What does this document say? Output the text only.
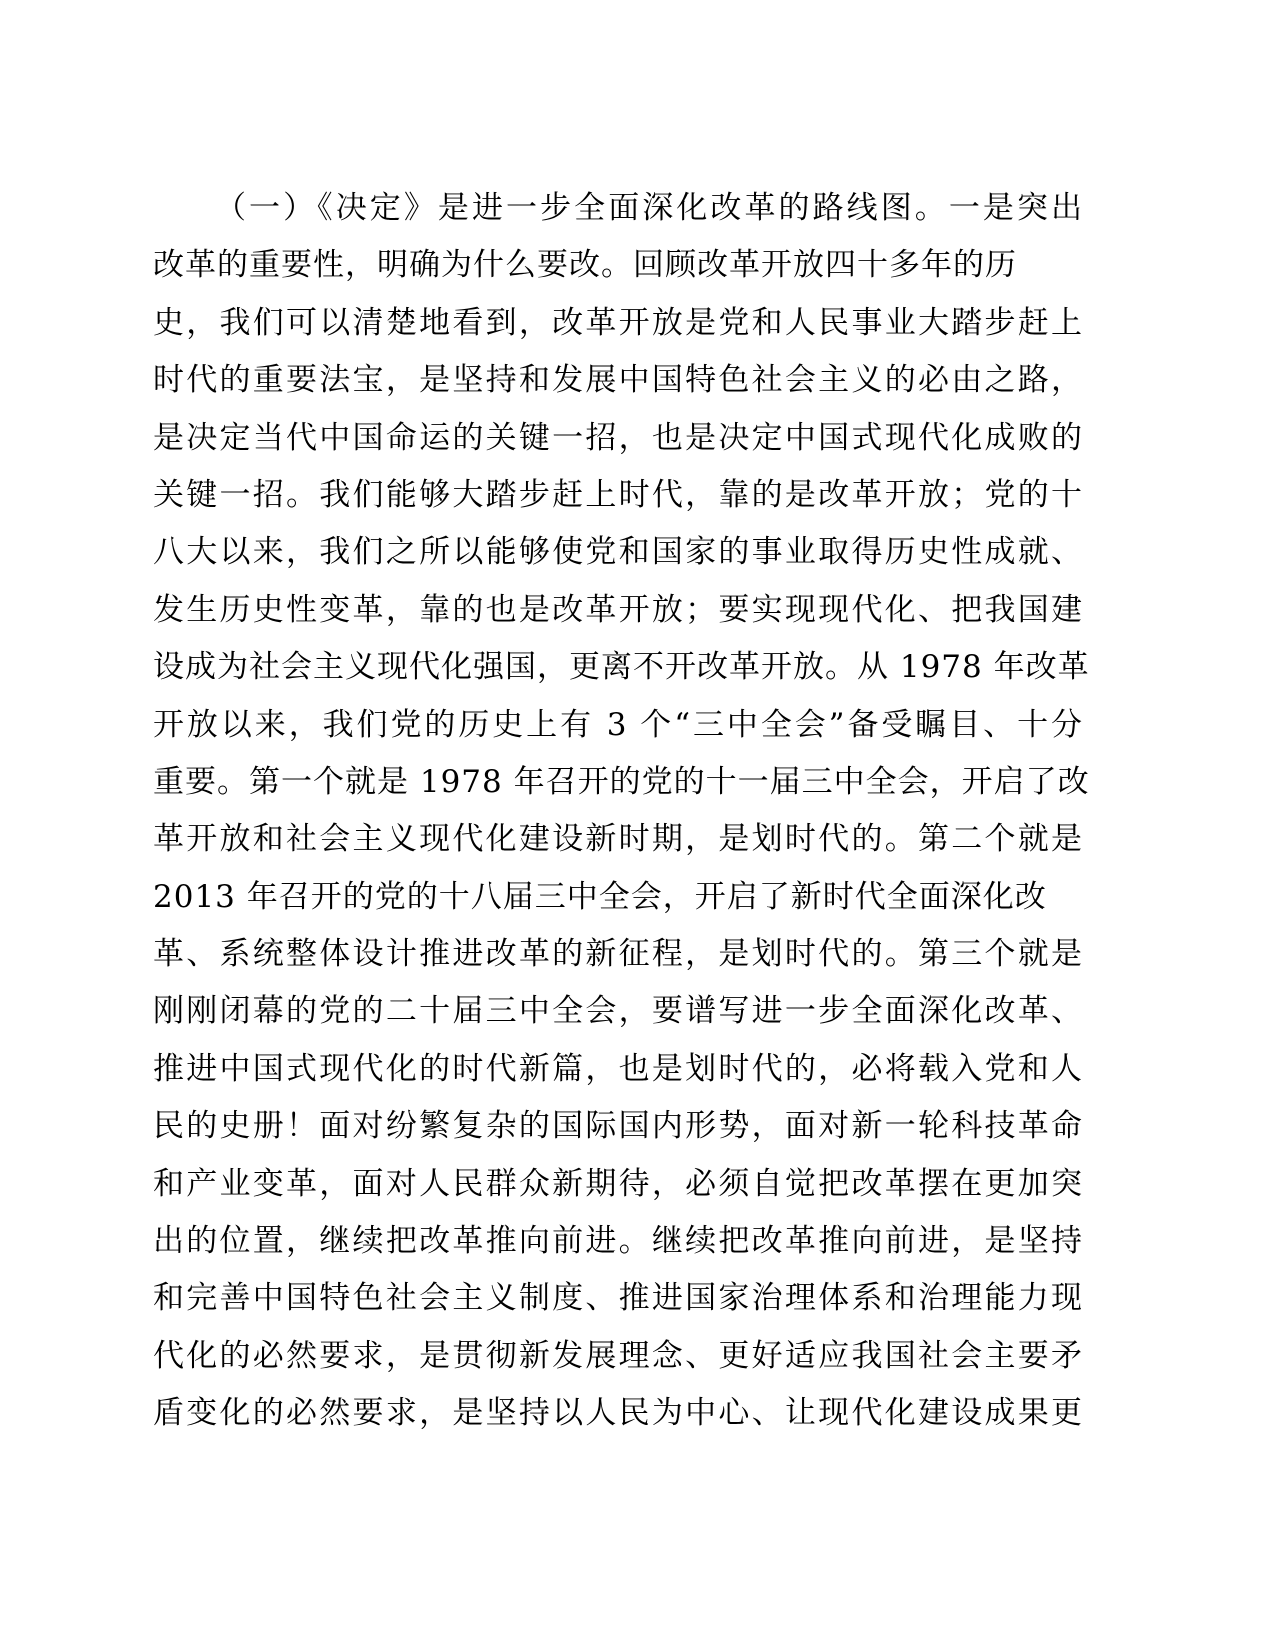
（一）《决定》是进一步全面深化改革的路线图。一是突出
改革的重要性，明确为什么要改。回顾改革开放四十多年的历
史，我们可以清楚地看到，改革开放是党和人民事业大踏步赶上
时代的重要法宝，是坚持和发展中国特色社会主义的必由之路，
是决定当代中国命运的关键一招，也是决定中国式现代化成败的
关键一招。我们能够大踏步赶上时代，靠的是改革开放；党的十
八大以来，我们之所以能够使党和国家的事业取得历史性成就、
发生历史性变革，靠的也是改革开放；要实现现代化、把我国建
设成为社会主义现代化强国，更离不开改革开放。从 1978 年改革
开放以来，我们党的历史上有 3 个“三中全会”备受瞩目、十分
重要。第一个就是 1978 年召开的党的十一届三中全会，开启了改
革开放和社会主义现代化建设新时期，是划时代的。第二个就是
2013 年召开的党的十八届三中全会，开启了新时代全面深化改
革、系统整体设计推进改革的新征程，是划时代的。第三个就是
刚刚闭幕的党的二十届三中全会，要谱写进一步全面深化改革、
推进中国式现代化的时代新篇，也是划时代的，必将载入党和人
民的史册！面对纷繁复杂的国际国内形势，面对新一轮科技革命
和产业变革，面对人民群众新期待，必须自觉把改革摆在更加突
出的位置，继续把改革推向前进。继续把改革推向前进，是坚持
和完善中国特色社会主义制度、推进国家治理体系和治理能力现
代化的必然要求，是贯彻新发展理念、更好适应我国社会主要矛
盾变化的必然要求，是坚持以人民为中心、让现代化建设成果更
